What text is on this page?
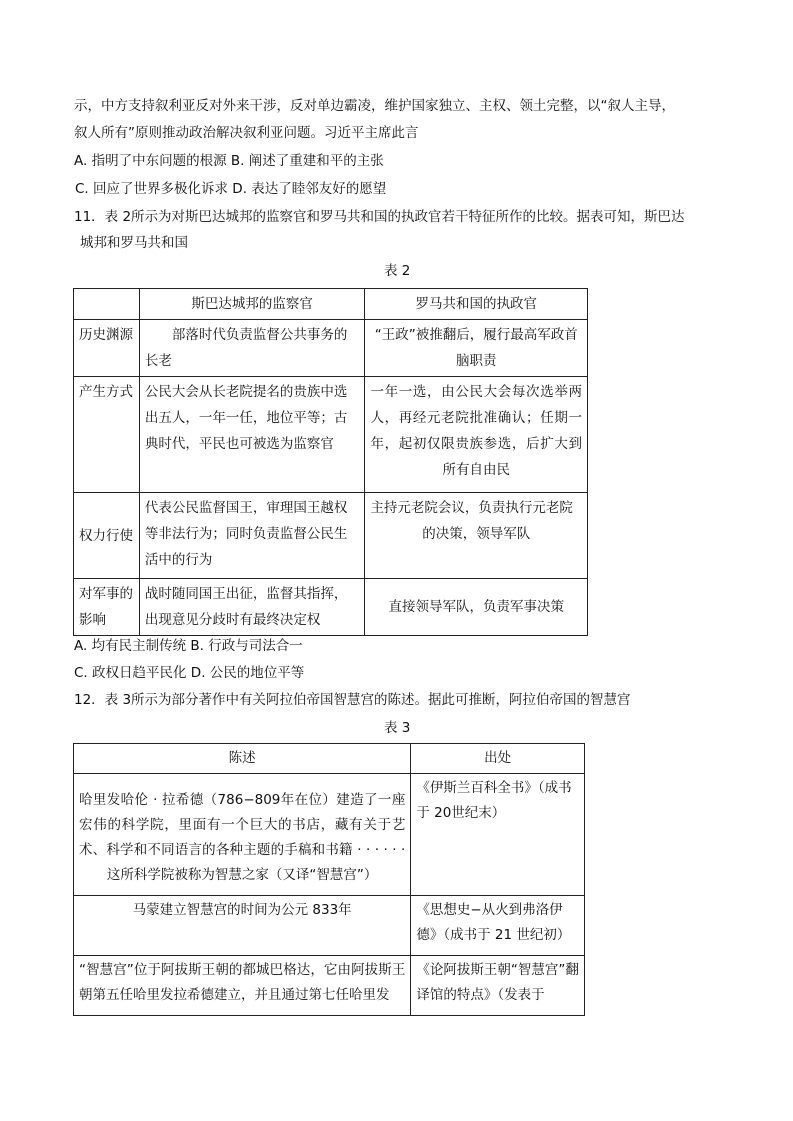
示，中方支持叙利亚反对外来干涉，反对单边霸凌，维护国家独立、主权、领土完整，以“叙人主导，
叙人所有”原则推动政治解决叙利亚问题。习近平主席此言
A. 指明了中东问题的根源 B. 阐述了重建和平的主张
C. 回应了世界多极化诉求 D. 表达了睦邻友好的愿望
11．表 2所示为对斯巴达城邦的监察官和罗马共和国的执政官若干特征所作的比较。据表可知，斯巴达
城邦和罗马共和国
表 2
	斯巴达城邦的监察官	罗马共和国的执政官
历史渊源	部落时代负责监督公共事务的长老	“王政”被推翻后，履行最高军政首脑职责
产生方式	公民大会从长老院提名的贵族中选出五人，一年一任，地位平等；古典时代，平民也可被选为监察官	一年一选，由公民大会每次选举两人，再经元老院批准确认；任期一年，起初仅限贵族参选，后扩大到所有自由民
权力行使	代表公民监督国王，审理国王越权等非法行为；同时负责监督公民生活中的行为	主持元老院会议，负责执行元老院的决策，领导军队
对军事的影响	战时随同国王出征，监督其指挥，出现意见分歧时有最终决定权	直接领导军队，负责军事决策
A. 均有民主制传统 B. 行政与司法合一
C. 政权日趋平民化 D. 公民的地位平等
12．表 3所示为部分著作中有关阿拉伯帝国智慧宫的陈述。据此可推断，阿拉伯帝国的智慧宫
表 3
陈述	出处
哈里发哈伦 · 拉希德（786−809年在位）建造了一座宏伟的科学院，里面有一个巨大的书店，藏有关于艺术、科学和不同语言的各种主题的手稿和书籍 · · · · · · 这所科学院被称为智慧之家（又译“智慧宫”）	《伊斯兰百科全书》（成书于 20世纪末）
马蒙建立智慧宫的时间为公元 833年	《思想史−从火到弗洛伊德》（成书于 21 世纪初）
“智慧宫”位于阿拔斯王朝的都城巴格达，它由阿拔斯王朝第五任哈里发拉希德建立，并且通过第七任哈里发	《论阿拔斯王朝“智慧宫”翻译馆的特点》（发表于
